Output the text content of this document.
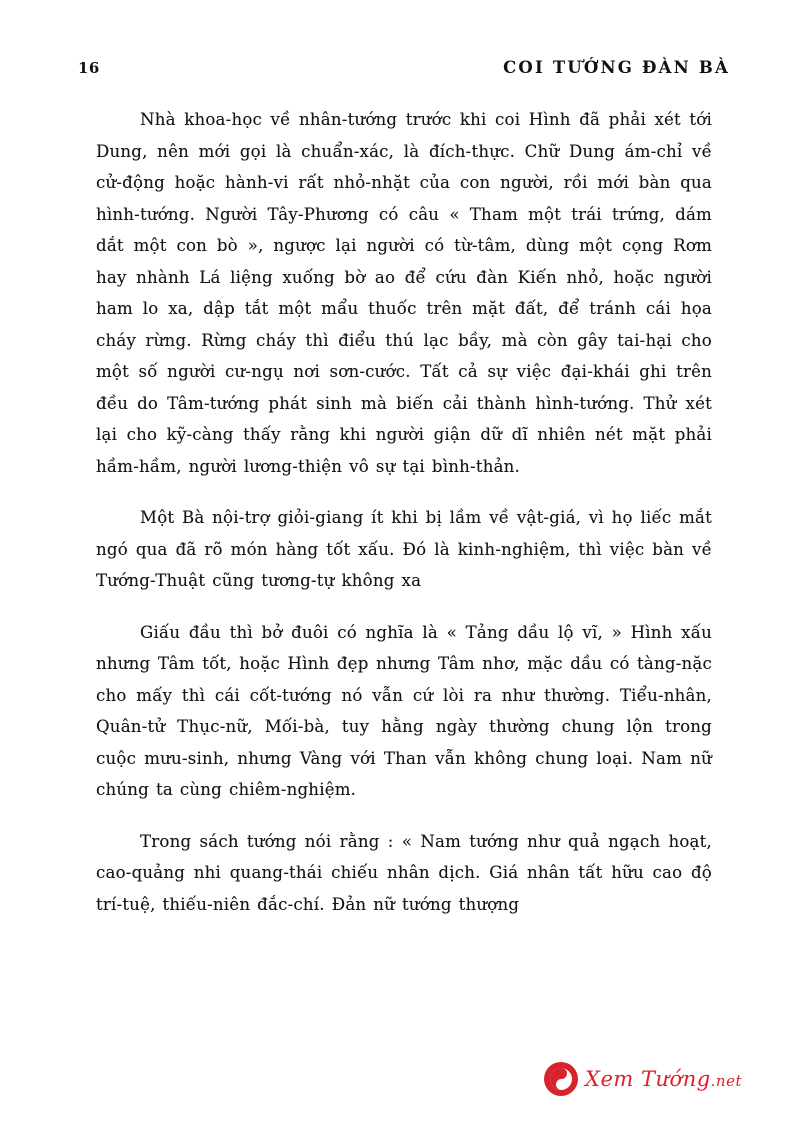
16	COI TƯỚNG ĐÀN BÀ

Nhà khoa-học về nhân-tướng trước khi coi Hình đã phải xét tới Dung, nên mới gọi là chuẩn-xác, là đích-thực. Chữ Dung ám-chỉ về cử-động hoặc hành-vi rất nhỏ-nhặt của con người, rồi mới bàn qua hình-tướng. Người Tây-Phương có câu « Tham một trái trứng, dám dắt một con bò », ngược lại người có từ-tâm, dùng một cọng Rơm hay nhành Lá liệng xuống bờ ao để cứu đàn Kiến nhỏ, hoặc người ham lo xa, dập tắt một mẩu thuốc trên mặt đất, để tránh cái họa cháy rừng. Rừng cháy thì điểu thú lạc bầy, mà còn gây tai-hại cho một số người cư-ngụ nơi sơn-cước. Tất cả sự việc đại-khái ghi trên đều do Tâm-tướng phát sinh mà biến cải thành hình-tướng. Thử xét lại cho kỹ-càng thấy rằng khi người giận dữ dĩ nhiên nét mặt phải hầm-hầm, người lương-thiện vô sự tại bình-thản.

Một Bà nội-trợ giỏi-giang ít khi bị lầm về vật-giá, vì họ liếc mắt ngó qua đã rõ món hàng tốt xấu. Đó là kinh-nghiệm, thì việc bàn về Tướng-Thuật cũng tương-tự không xa

Giấu đầu thì bở đuôi có nghĩa là « Tảng dầu lộ vĩ, » Hình xấu nhưng Tâm tốt, hoặc Hình đẹp nhưng Tâm nhơ, mặc dầu có tàng-nặc cho mấy thì cái cốt-tướng nó vẫn cứ lòi ra như thường. Tiểu-nhân, Quân-tử Thục-nữ, Mối-bà, tuy hằng ngày thường chung lộn trong cuộc mưu-sinh, nhưng Vàng với Than vẫn không chung loại. Nam nữ chúng ta cùng chiêm-nghiệm.

Trong sách tướng nói rằng : « Nam tướng như quả ngạch hoạt, cao-quảng nhi quang-thái chiếu nhân dịch. Giá nhân tất hữu cao độ trí-tuệ, thiếu-niên đắc-chí. Đản nữ tướng thượng

Xem Tướng.net
